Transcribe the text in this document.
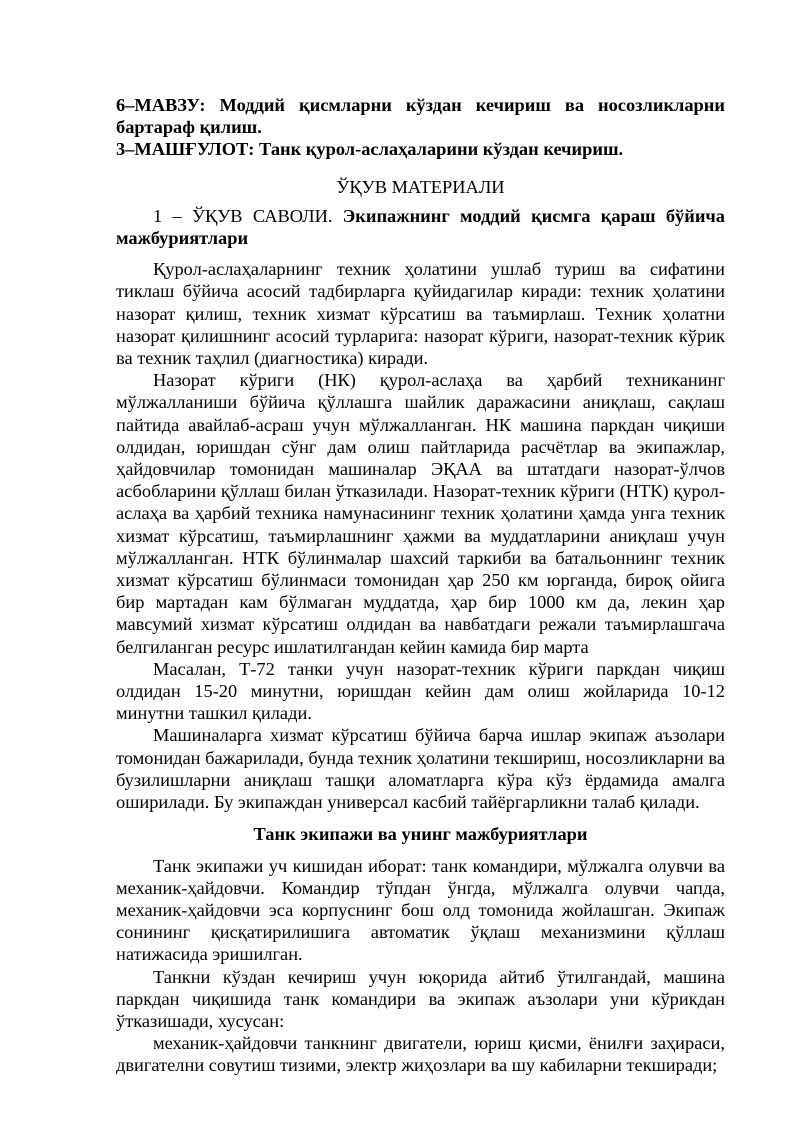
6–МАВЗУ: Моддий қисмларни кўздан кечириш ва носозликларни бартараф қилиш.

3–МАШҒУЛОТ: Танк қурол-аслаҳаларини кўздан кечириш.

ЎҚУВ МАТЕРИАЛИ

1 – ЎҚУВ САВОЛИ. Экипажнинг моддий қисмга қараш бўйича мажбуриятлари

Қурол-аслаҳаларнинг техник ҳолатини ушлаб туриш ва сифатини тиклаш бўйича асосий тадбирларга қуйидагилар киради: техник ҳолатини назорат қилиш, техник хизмат кўрсатиш ва таъмирлаш. Техник ҳолатни назорат қилишнинг асосий турларига: назорат кўриги, назорат-техник кўрик ва техник таҳлил (диагностика) киради.

Назорат кўриги (НК) қурол-аслаҳа ва ҳарбий техниканинг мўлжалланиши бўйича қўллашга шайлик даражасини аниқлаш, сақлаш пайтида авайлаб-асраш учун мўлжалланган. НК машина паркдан чиқиши олдидан, юришдан сўнг дам олиш пайтларида расчётлар ва экипажлар, ҳайдовчилар томонидан машиналар ЭҚАА ва штатдаги назорат-ўлчов асбобларини қўллаш билан ўтказилади. Назорат-техник кўриги (НТК) қурол-аслаҳа ва ҳарбий техника намунасининг техник ҳолатини ҳамда унга техник хизмат кўрсатиш, таъмирлашнинг ҳажми ва муддатларини аниқлаш учун мўлжалланган. НТК бўлинмалар шахсий таркиби ва батальоннинг техник хизмат кўрсатиш бўлинмаси томонидан ҳар 250 км юрганда, бироқ ойига бир мартадан кам бўлмаган муддатда, ҳар бир 1000 км да, лекин ҳар мавсумий хизмат кўрсатиш олдидан ва навбатдаги режали таъмирлашгача белгиланган ресурс ишлатилгандан кейин камида бир марта

Масалан, Т-72 танки учун назорат-техник кўриги паркдан чиқиш олдидан 15-20 минутни, юришдан кейин дам олиш жойларида 10-12 минутни ташкил қилади.

Машиналарга хизмат кўрсатиш бўйича барча ишлар экипаж аъзолари томонидан бажарилади, бунда техник ҳолатини текшириш, носозликларни ва бузилишларни аниқлаш ташқи аломатларга кўра кўз ёрдамида амалга оширилади. Бу экипаждан универсал касбий тайёргарликни талаб қилади.

Танк экипажи ва унинг мажбуриятлари

Танк экипажи уч кишидан иборат: танк командири, мўлжалга олувчи ва механик-ҳайдовчи. Командир тўпдан ўнгда, мўлжалга олувчи чапда, механик-ҳайдовчи эса корпуснинг бош олд томонида жойлашган. Экипаж сонининг қисқатирилишига автоматик ўқлаш механизмини қўллаш натижасида эришилган.

Танкни кўздан кечириш учун юқорида айтиб ўтилгандай, машина паркдан чиқишида танк командири ва экипаж аъзолари уни кўрикдан ўтказишади, хусусан:

механик-ҳайдовчи танкнинг двигатели, юриш қисми, ёнилғи заҳираси, двигателни совутиш тизими, электр жиҳозлари ва шу кабиларни текширади;
